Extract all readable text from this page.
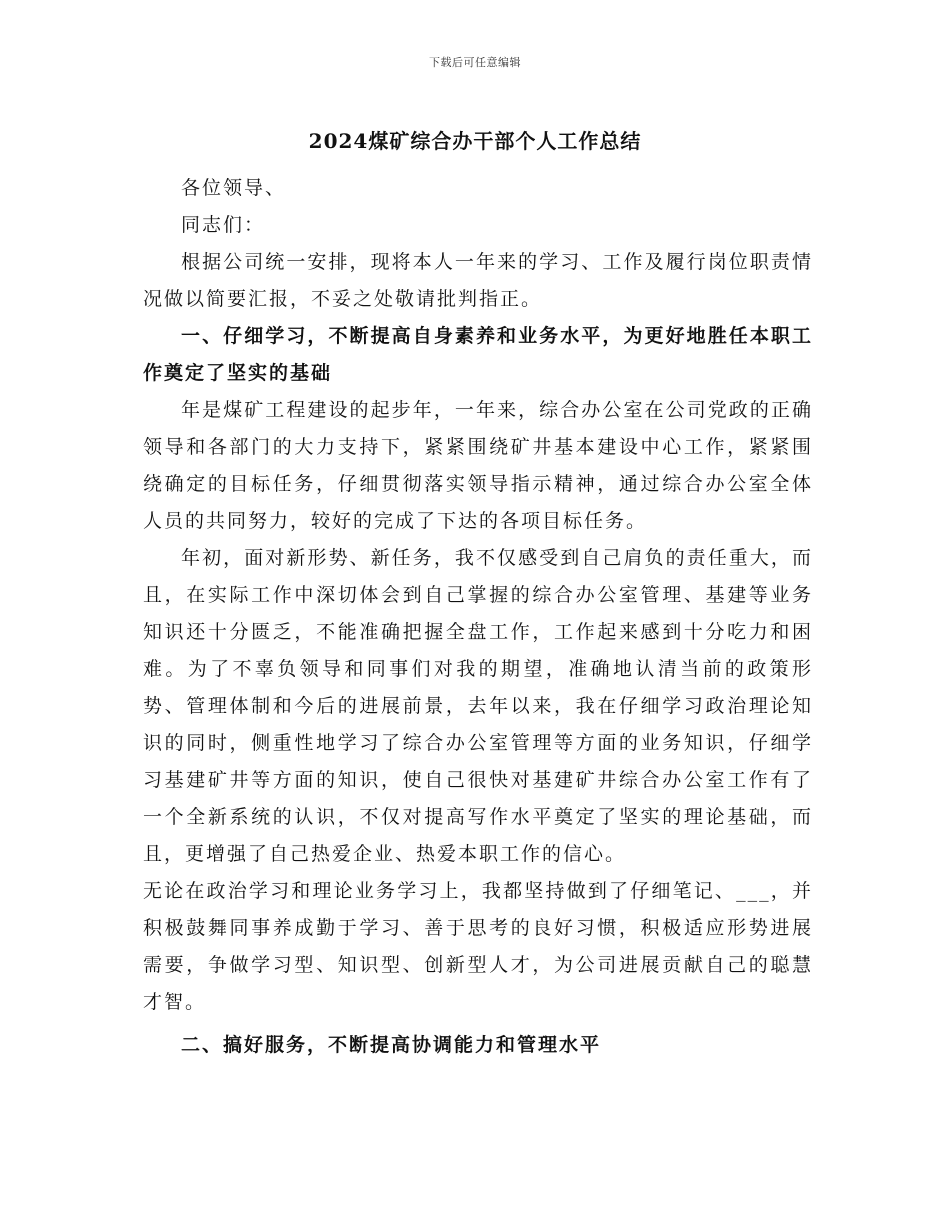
下载后可任意编辑
2024煤矿综合办干部个人工作总结

各位领导、

同志们：

根据公司统一安排，现将本人一年来的学习、工作及履行岗位职责情况做以简要汇报，不妥之处敬请批判指正。

一、仔细学习，不断提高自身素养和业务水平，为更好地胜任本职工作奠定了坚实的基础

年是煤矿工程建设的起步年，一年来，综合办公室在公司党政的正确领导和各部门的大力支持下，紧紧围绕矿井基本建设中心工作，紧紧围绕确定的目标任务，仔细贯彻落实领导指示精神，通过综合办公室全体人员的共同努力，较好的完成了下达的各项目标任务。

年初，面对新形势、新任务，我不仅感受到自己肩负的责任重大，而且，在实际工作中深切体会到自己掌握的综合办公室管理、基建等业务知识还十分匮乏，不能准确把握全盘工作，工作起来感到十分吃力和困难。为了不辜负领导和同事们对我的期望，准确地认清当前的政策形势、管理体制和今后的进展前景，去年以来，我在仔细学习政治理论知识的同时，侧重性地学习了综合办公室管理等方面的业务知识，仔细学习基建矿井等方面的知识，使自己很快对基建矿井综合办公室工作有了一个全新系统的认识，不仅对提高写作水平奠定了坚实的理论基础，而且，更增强了自己热爱企业、热爱本职工作的信心。

无论在政治学习和理论业务学习上，我都坚持做到了仔细笔记、___，并积极鼓舞同事养成勤于学习、善于思考的良好习惯，积极适应形势进展需要，争做学习型、知识型、创新型人才，为公司进展贡献自己的聪慧才智。

二、搞好服务，不断提高协调能力和管理水平
